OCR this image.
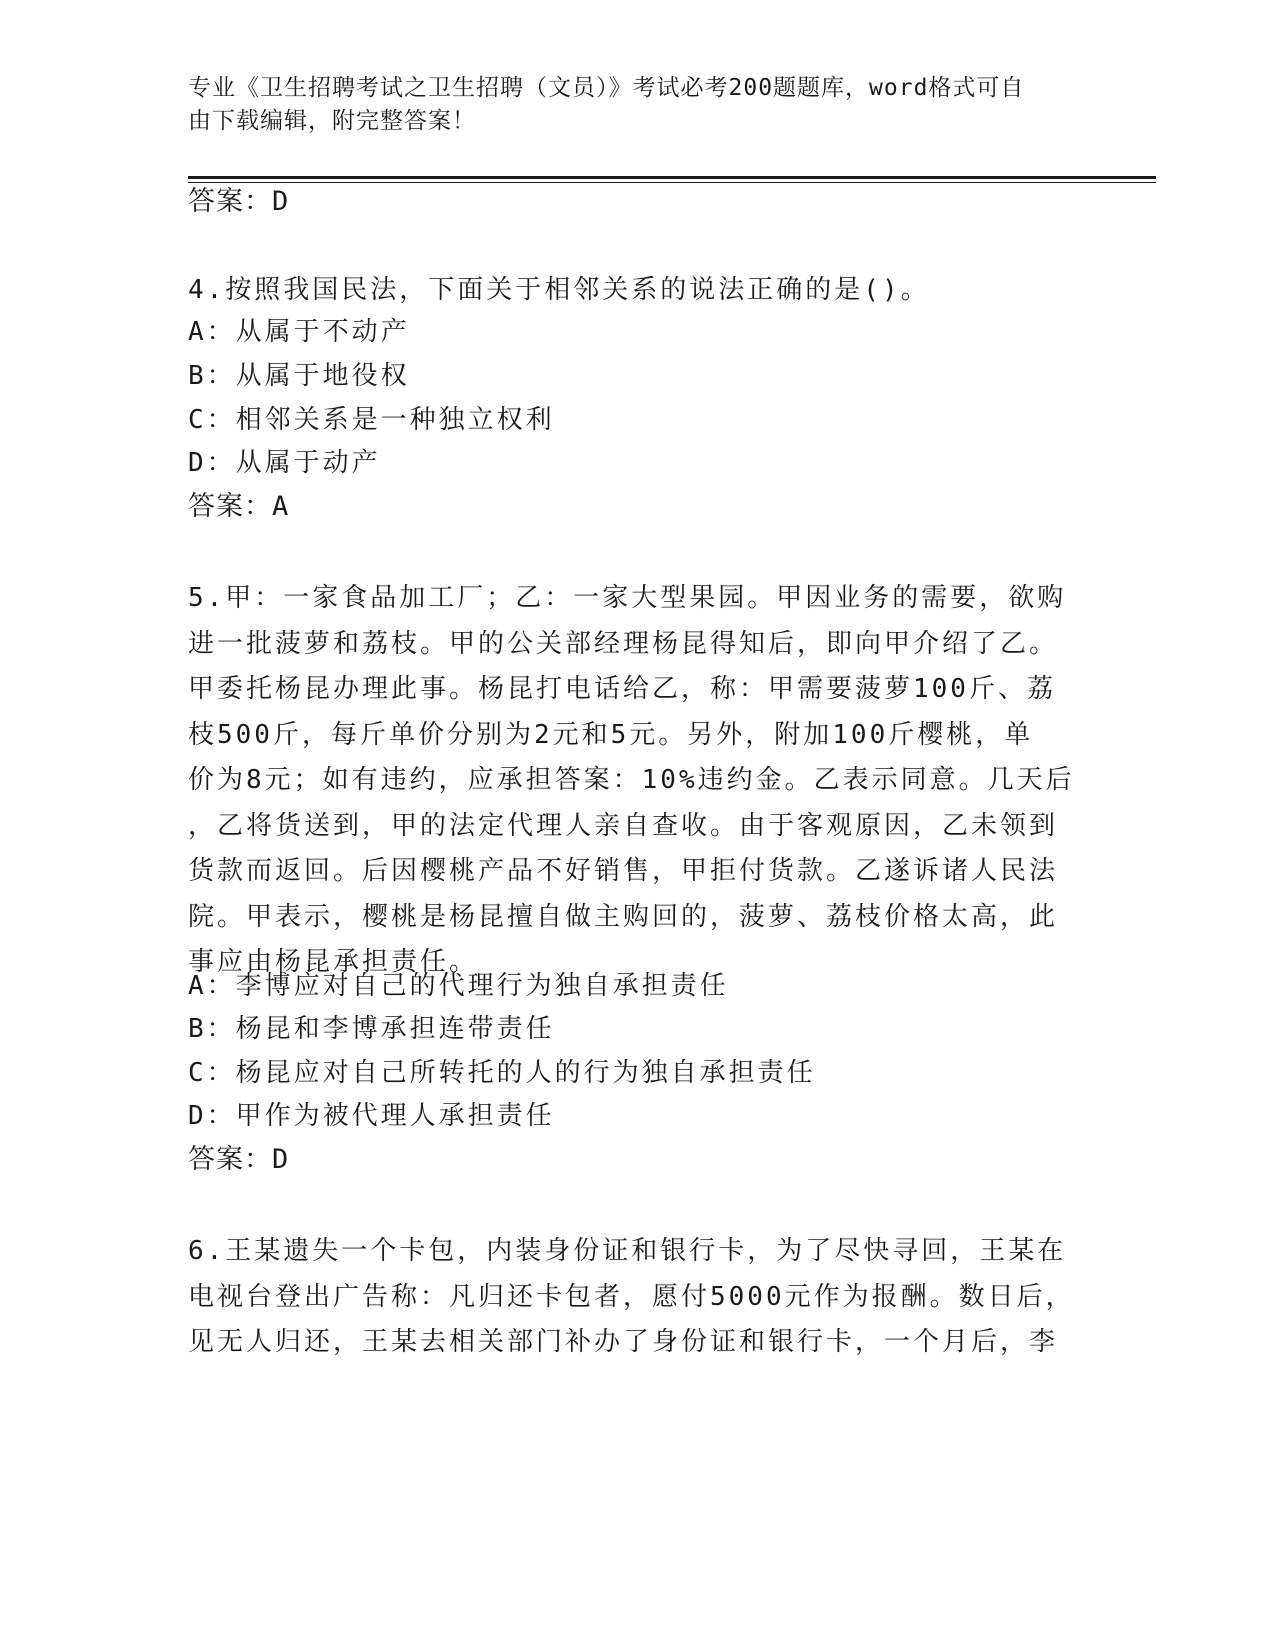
专业《卫生招聘考试之卫生招聘（文员）》考试必考200题题库，word格式可自
由下载编辑，附完整答案！
答案：D
4.按照我国民法，下面关于相邻关系的说法正确的是()。
A：从属于不动产
B：从属于地役权
C：相邻关系是一种独立权利
D：从属于动产
答案：A
5.甲：一家食品加工厂；乙：一家大型果园。甲因业务的需要，欲购
进一批菠萝和荔枝。甲的公关部经理杨昆得知后，即向甲介绍了乙。
甲委托杨昆办理此事。杨昆打电话给乙，称：甲需要菠萝100斤、荔
枝500斤，每斤单价分别为2元和5元。另外，附加100斤樱桃，单
价为8元；如有违约，应承担答案：10%违约金。乙表示同意。几天后
，乙将货送到，甲的法定代理人亲自查收。由于客观原因，乙未领到
货款而返回。后因樱桃产品不好销售，甲拒付货款。乙遂诉诸人民法
院。甲表示，樱桃是杨昆擅自做主购回的，菠萝、荔枝价格太高，此
事应由杨昆承担责任。
A：李博应对自己的代理行为独自承担责任
B：杨昆和李博承担连带责任
C：杨昆应对自己所转托的人的行为独自承担责任
D：甲作为被代理人承担责任
答案：D
6.王某遗失一个卡包，内装身份证和银行卡，为了尽快寻回，王某在
电视台登出广告称：凡归还卡包者，愿付5000元作为报酬。数日后，
见无人归还，王某去相关部门补办了身份证和银行卡，一个月后，李
